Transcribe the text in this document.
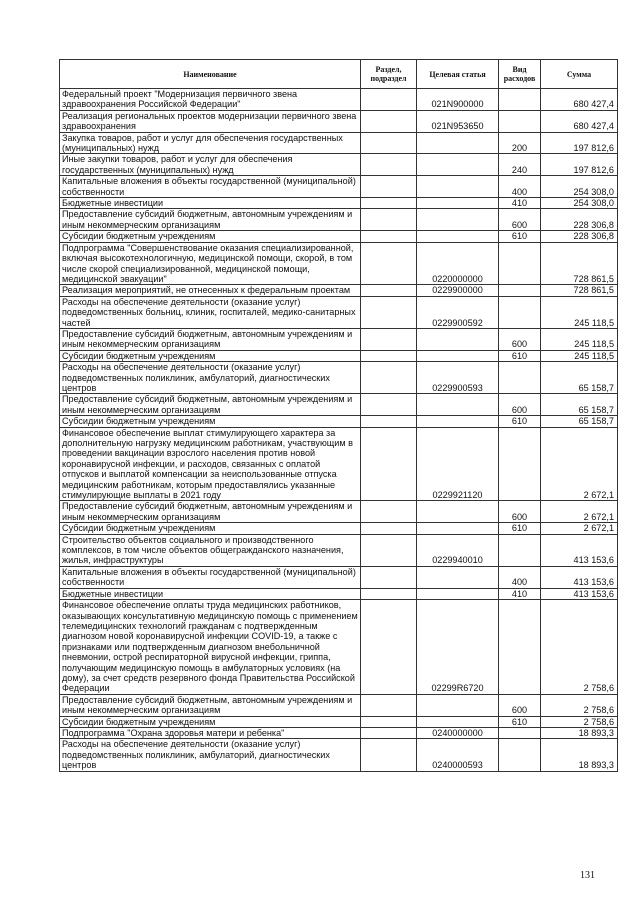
Наименование	Раздел, подраздел	Целевая статья	Вид расходов	Сумма
Федеральный проект "Модернизация первичного звена здравоохранения Российской Федерации"		021N900000		680 427,4
Реализация региональных проектов модернизации первичного звена здравоохранения		021N953650		680 427,4
Закупка товаров, работ и услуг для обеспечения государственных (муниципальных) нужд			200	197 812,6
Иные закупки товаров, работ и услуг для обеспечения государственных (муниципальных) нужд			240	197 812,6
Капитальные вложения в объекты государственной (муниципальной) собственности			400	254 308,0
Бюджетные инвестиции			410	254 308,0
Предоставление субсидий бюджетным, автономным учреждениям и иным некоммерческим организациям			600	228 306,8
Субсидии бюджетным учреждениям			610	228 306,8
Подпрограмма "Совершенствование оказания специализированной, включая высокотехнологичную, медицинской помощи, скорой, в том числе скорой специализированной, медицинской помощи, медицинской эвакуации"		0220000000		728 861,5
Реализация мероприятий, не отнесенных к федеральным проектам		0229900000		728 861,5
Расходы на обеспечение деятельности (оказание услуг) подведомственных больниц, клиник, госпиталей, медико-санитарных частей		0229900592		245 118,5
Предоставление субсидий бюджетным, автономным учреждениям и иным некоммерческим организациям			600	245 118,5
Субсидии бюджетным учреждениям			610	245 118,5
Расходы на обеспечение деятельности (оказание услуг) подведомственных поликлиник, амбулаторий, диагностических центров		0229900593		65 158,7
Предоставление субсидий бюджетным, автономным учреждениям и иным некоммерческим организациям			600	65 158,7
Субсидии бюджетным учреждениям			610	65 158,7
Финансовое обеспечение выплат стимулирующего характера за дополнительную нагрузку медицинским работникам, участвующим в проведении вакцинации взрослого населения против новой коронавирусной инфекции, и расходов, связанных с оплатой отпусков и выплатой компенсации за неиспользованные отпуска медицинским работникам, которым предоставлялись указанные стимулирующие выплаты в 2021 году		0229921120		2 672,1
Предоставление субсидий бюджетным, автономным учреждениям и иным некоммерческим организациям			600	2 672,1
Субсидии бюджетным учреждениям			610	2 672,1
Строительство объектов социального и производственного комплексов, в том числе объектов общегражданского назначения, жилья, инфраструктуры		0229940010		413 153,6
Капитальные вложения в объекты государственной (муниципальной) собственности			400	413 153,6
Бюджетные инвестиции			410	413 153,6
Финансовое обеспечение оплаты труда медицинских работников, оказывающих консультативную медицинскую помощь с применением телемедицинских технологий гражданам с подтвержденным диагнозом новой коронавирусной инфекции COVID-19, а также с признаками или подтвержденным диагнозом внебольничной пневмонии, острой респираторной вирусной инфекции, гриппа, получающим медицинскую помощь в амбулаторных условиях (на дому), за счет средств резервного фонда Правительства Российской Федерации		02299R6720		2 758,6
Предоставление субсидий бюджетным, автономным учреждениям и иным некоммерческим организациям			600	2 758,6
Субсидии бюджетным учреждениям			610	2 758,6
Подпрограмма "Охрана здоровья матери и ребенка"		0240000000		18 893,3
Расходы на обеспечение деятельности (оказание услуг) подведомственных поликлиник, амбулаторий, диагностических центров		0240000593		18 893,3
131
